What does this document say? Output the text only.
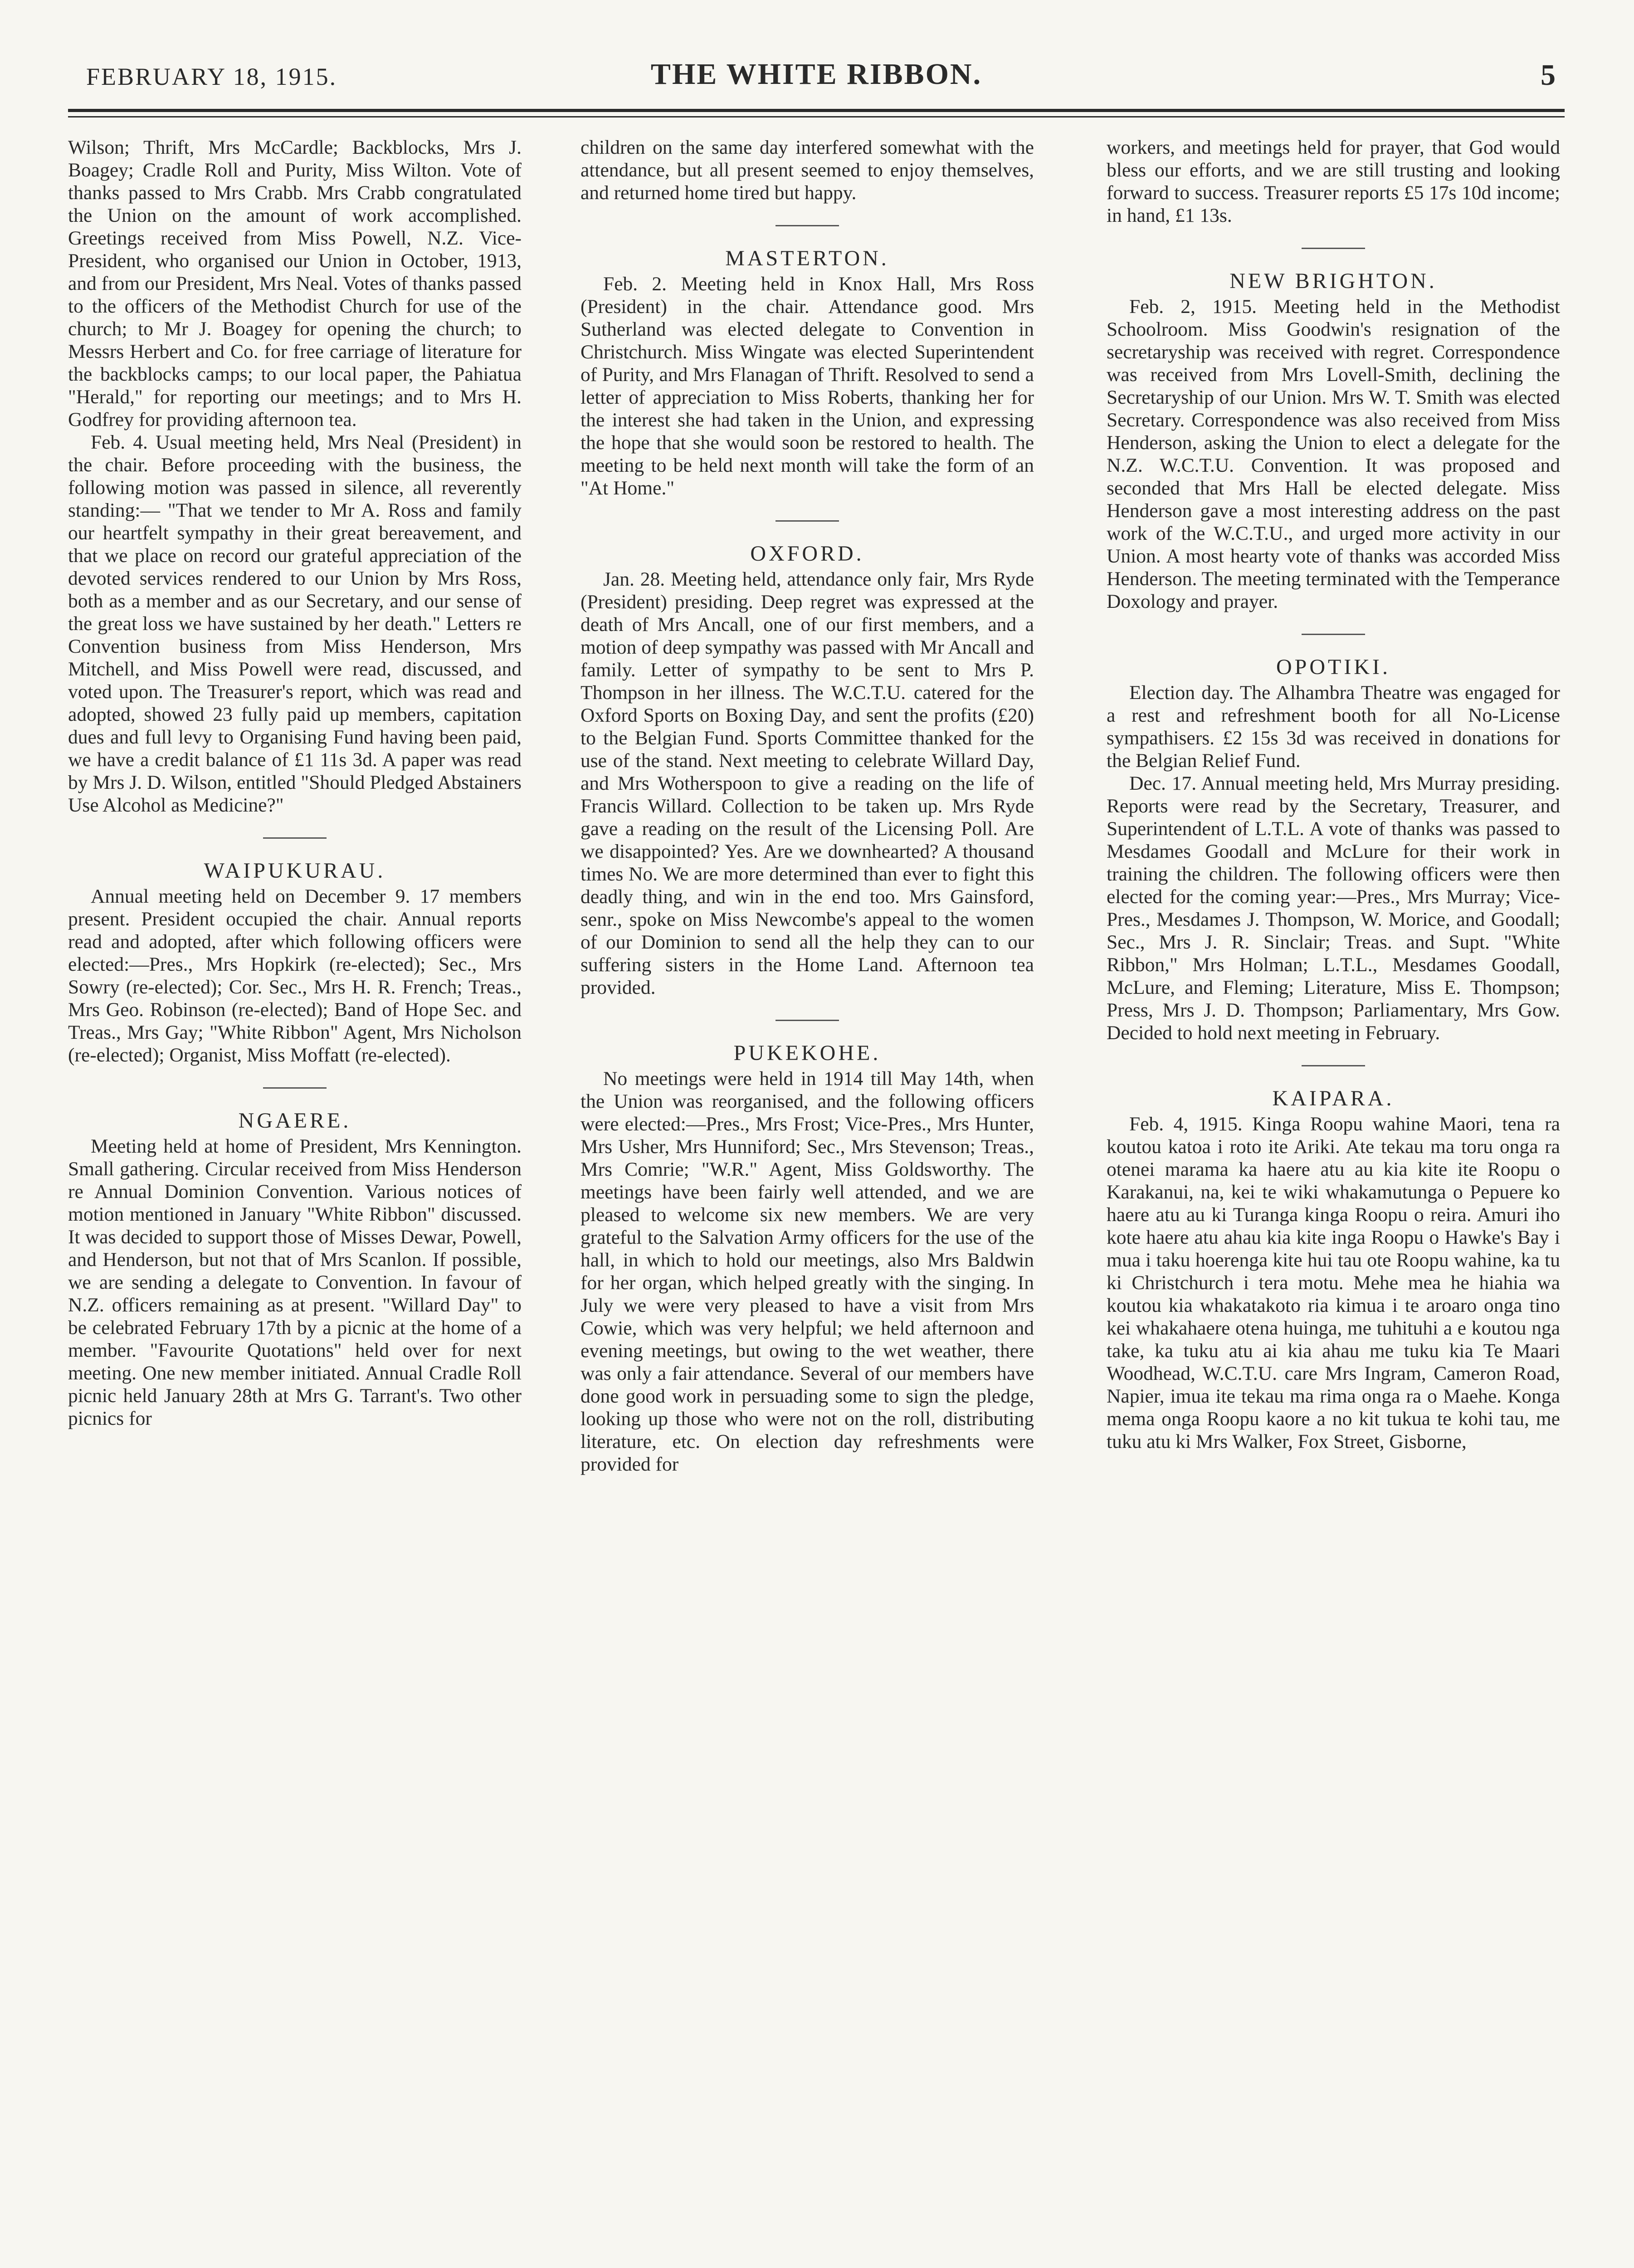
FEBRUARY 18, 1915.	THE WHITE RIBBON.	5

Wilson; Thrift, Mrs McCardle; Backblocks, Mrs J. Boagey; Cradle Roll and Purity, Miss Wilton. Vote of thanks passed to Mrs Crabb. Mrs Crabb congratulated the Union on the amount of work accomplished. Greetings received from Miss Powell, N.Z. Vice-President, who organised our Union in October, 1913, and from our President, Mrs Neal. Votes of thanks passed to the officers of the Methodist Church for use of the church; to Mr J. Boagey for opening the church; to Messrs Herbert and Co. for free carriage of literature for the backblocks camps; to our local paper, the Pahiatua "Herald," for reporting our meetings; and to Mrs H. Godfrey for providing afternoon tea.

Feb. 4. Usual meeting held, Mrs Neal (President) in the chair. Before proceeding with the business, the following motion was passed in silence, all reverently standing:— "That we tender to Mr A. Ross and family our heartfelt sympathy in their great bereavement, and that we place on record our grateful appreciation of the devoted services rendered to our Union by Mrs Ross, both as a member and as our Secretary, and our sense of the great loss we have sustained by her death." Letters re Convention business from Miss Henderson, Mrs Mitchell, and Miss Powell were read, discussed, and voted upon. The Treasurer's report, which was read and adopted, showed 23 fully paid up members, capitation dues and full levy to Organising Fund having been paid, we have a credit balance of £1 11s 3d. A paper was read by Mrs J. D. Wilson, entitled "Should Pledged Abstainers Use Alcohol as Medicine?"

WAIPUKURAU.

Annual meeting held on December 9. 17 members present. President occupied the chair. Annual reports read and adopted, after which following officers were elected:—Pres., Mrs Hopkirk (re-elected); Sec., Mrs Sowry (re-elected); Cor. Sec., Mrs H. R. French; Treas., Mrs Geo. Robinson (re-elected); Band of Hope Sec. and Treas., Mrs Gay; "White Ribbon" Agent, Mrs Nicholson (re-elected); Organist, Miss Moffatt (re-elected).

NGAERE.

Meeting held at home of President, Mrs Kennington. Small gathering. Circular received from Miss Henderson re Annual Dominion Convention. Various notices of motion mentioned in January "White Ribbon" discussed. It was decided to support those of Misses Dewar, Powell, and Henderson, but not that of Mrs Scanlon. If possible, we are sending a delegate to Convention. In favour of N.Z. officers remaining as at present. "Willard Day" to be celebrated February 17th by a picnic at the home of a member. "Favourite Quotations" held over for next meeting. One new member initiated. Annual Cradle Roll picnic held January 28th at Mrs G. Tarrant's. Two other picnics for

children on the same day interfered somewhat with the attendance, but all present seemed to enjoy themselves, and returned home tired but happy.

MASTERTON.

Feb. 2. Meeting held in Knox Hall, Mrs Ross (President) in the chair. Attendance good. Mrs Sutherland was elected delegate to Convention in Christchurch. Miss Wingate was elected Superintendent of Purity, and Mrs Flanagan of Thrift. Resolved to send a letter of appreciation to Miss Roberts, thanking her for the interest she had taken in the Union, and expressing the hope that she would soon be restored to health. The meeting to be held next month will take the form of an "At Home."

OXFORD.

Jan. 28. Meeting held, attendance only fair, Mrs Ryde (President) presiding. Deep regret was expressed at the death of Mrs Ancall, one of our first members, and a motion of deep sympathy was passed with Mr Ancall and family. Letter of sympathy to be sent to Mrs P. Thompson in her illness. The W.C.T.U. catered for the Oxford Sports on Boxing Day, and sent the profits (£20) to the Belgian Fund. Sports Committee thanked for the use of the stand. Next meeting to celebrate Willard Day, and Mrs Wotherspoon to give a reading on the life of Francis Willard. Collection to be taken up. Mrs Ryde gave a reading on the result of the Licensing Poll. Are we disappointed? Yes. Are we downhearted? A thousand times No. We are more determined than ever to fight this deadly thing, and win in the end too. Mrs Gainsford, senr., spoke on Miss Newcombe's appeal to the women of our Dominion to send all the help they can to our suffering sisters in the Home Land. Afternoon tea provided.

PUKEKOHE.

No meetings were held in 1914 till May 14th, when the Union was reorganised, and the following officers were elected:—Pres., Mrs Frost; Vice-Pres., Mrs Hunter, Mrs Usher, Mrs Hunniford; Sec., Mrs Stevenson; Treas., Mrs Comrie; "W.R." Agent, Miss Goldsworthy. The meetings have been fairly well attended, and we are pleased to welcome six new members. We are very grateful to the Salvation Army officers for the use of the hall, in which to hold our meetings, also Mrs Baldwin for her organ, which helped greatly with the singing. In July we were very pleased to have a visit from Mrs Cowie, which was very helpful; we held afternoon and evening meetings, but owing to the wet weather, there was only a fair attendance. Several of our members have done good work in persuading some to sign the pledge, looking up those who were not on the roll, distributing literature, etc. On election day refreshments were provided for

workers, and meetings held for prayer, that God would bless our efforts, and we are still trusting and looking forward to success. Treasurer reports £5 17s 10d income; in hand, £1 13s.

NEW BRIGHTON.

Feb. 2, 1915. Meeting held in the Methodist Schoolroom. Miss Goodwin's resignation of the secretaryship was received with regret. Correspondence was received from Mrs Lovell-Smith, declining the Secretaryship of our Union. Mrs W. T. Smith was elected Secretary. Correspondence was also received from Miss Henderson, asking the Union to elect a delegate for the N.Z. W.C.T.U. Convention. It was proposed and seconded that Mrs Hall be elected delegate. Miss Henderson gave a most interesting address on the past work of the W.C.T.U., and urged more activity in our Union. A most hearty vote of thanks was accorded Miss Henderson. The meeting terminated with the Temperance Doxology and prayer.

OPOTIKI.

Election day. The Alhambra Theatre was engaged for a rest and refreshment booth for all No-License sympathisers. £2 15s 3d was received in donations for the Belgian Relief Fund.

Dec. 17. Annual meeting held, Mrs Murray presiding. Reports were read by the Secretary, Treasurer, and Superintendent of L.T.L. A vote of thanks was passed to Mesdames Goodall and McLure for their work in training the children. The following officers were then elected for the coming year:—Pres., Mrs Murray; Vice-Pres., Mesdames J. Thompson, W. Morice, and Goodall; Sec., Mrs J. R. Sinclair; Treas. and Supt. "White Ribbon," Mrs Holman; L.T.L., Mesdames Goodall, McLure, and Fleming; Literature, Miss E. Thompson; Press, Mrs J. D. Thompson; Parliamentary, Mrs Gow. Decided to hold next meeting in February.

KAIPARA.

Feb. 4, 1915. Kinga Roopu wahine Maori, tena ra koutou katoa i roto ite Ariki. Ate tekau ma toru onga ra otenei marama ka haere atu au kia kite ite Roopu o Karakanui, na, kei te wiki whakamutunga o Pepuere ko haere atu au ki Turanga kinga Roopu o reira. Amuri iho kote haere atu ahau kia kite inga Roopu o Hawke's Bay i mua i taku hoerenga kite hui tau ote Roopu wahine, ka tu ki Christchurch i tera motu. Mehe mea he hiahia wa koutou kia whakatakoto ria kimua i te aroaro onga tino kei whakahaere otena huinga, me tuhituhi a e koutou nga take, ka tuku atu ai kia ahau me tuku kia Te Maari Woodhead, W.C.T.U. care Mrs Ingram, Cameron Road, Napier, imua ite tekau ma rima onga ra o Maehe. Konga mema onga Roopu kaore a no kit tukua te kohi tau, me tuku atu ki Mrs Walker, Fox Street, Gisborne,
